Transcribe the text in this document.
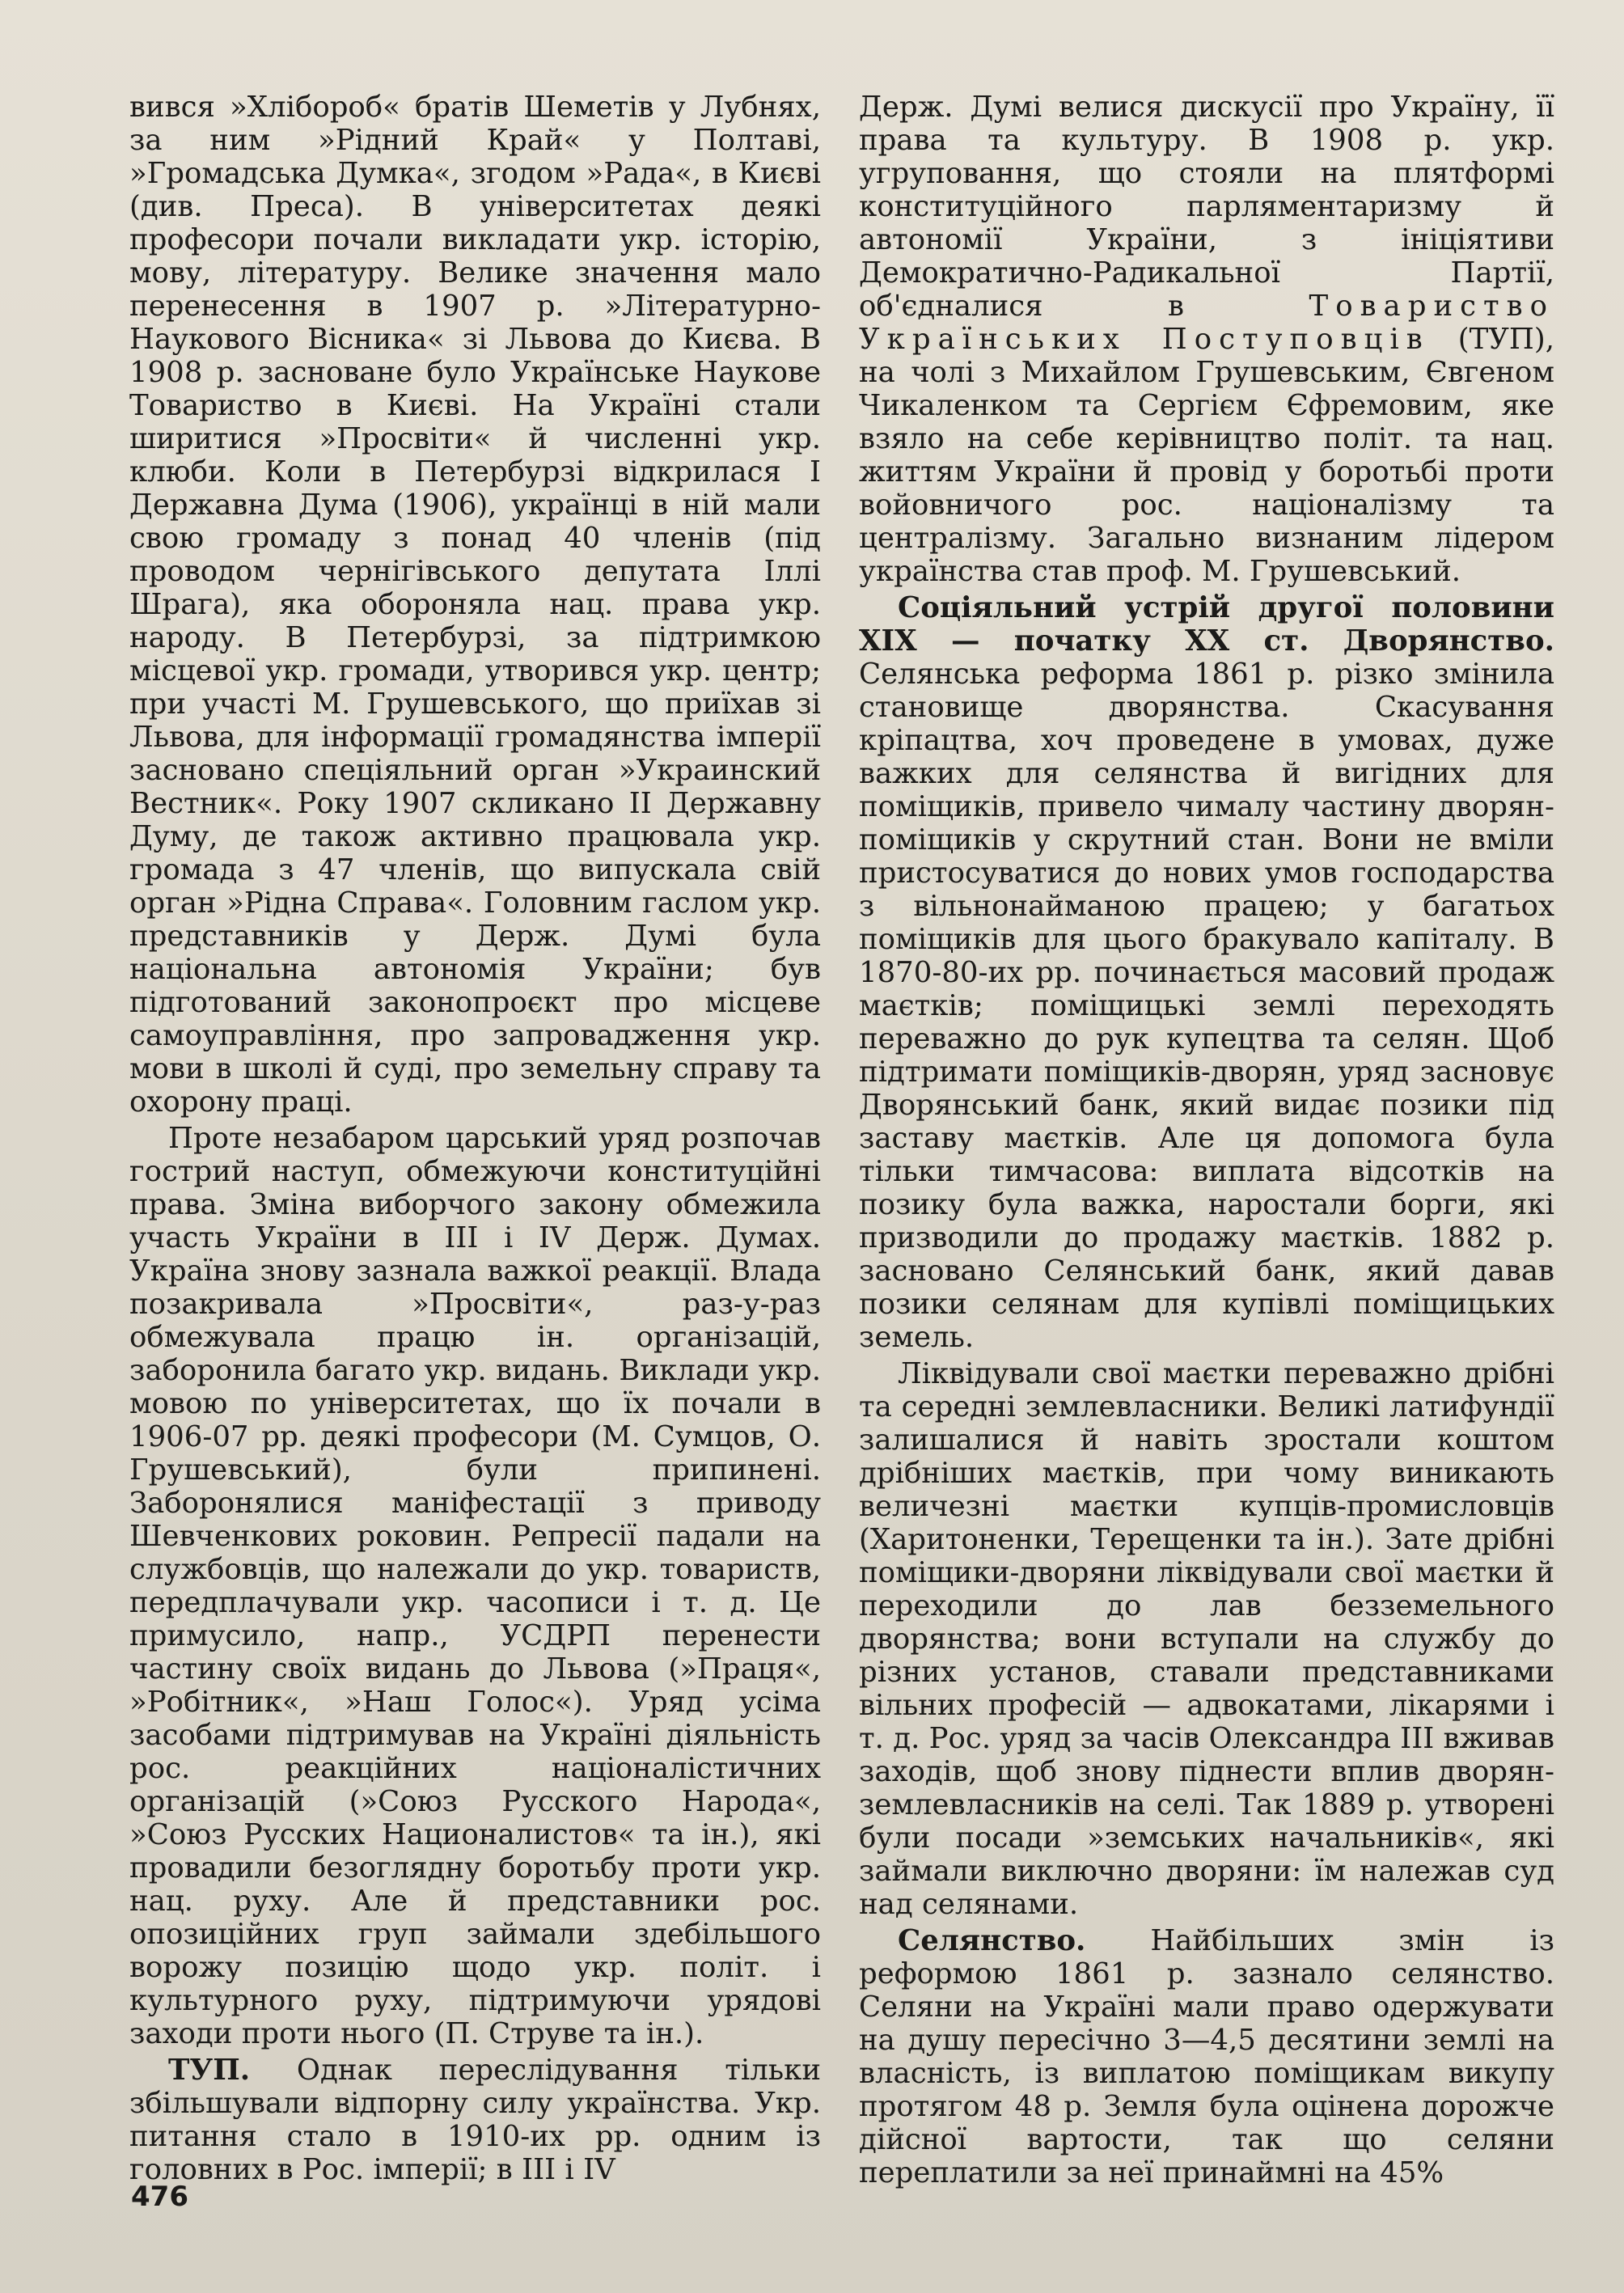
вився »Хлібороб« братів Шеметів у Лубнях, за ним »Рідний Край« у Полтаві, »Громадська Думка«, згодом »Рада«, в Києві (див. Преса). В університетах деякі професори почали викладати укр. історію, мову, літературу. Велике значення мало перенесення в 1907 р. »Літературно-Наукового Вісника« зі Львова до Києва. В 1908 р. засноване було Українське Наукове Товариство в Києві. На Україні стали ширитися »Просвіти« й численні укр. клюби. Коли в Петербурзі відкрилася І Державна Дума (1906), українці в ній мали свою громаду з понад 40 членів (під проводом чернігівського депутата Іллі Шрага), яка обороняла нац. права укр. народу. В Петербурзі, за підтримкою місцевої укр. громади, утворився укр. центр; при участі М. Грушевського, що приїхав зі Львова, для інформації громадянства імперії засновано спеціяльний орган »Украинский Вестник«. Року 1907 скликано II Державну Думу, де також активно працювала укр. громада з 47 членів, що випускала свій орган »Рідна Справа«. Головним гаслом укр. представників у Держ. Думі була національна автономія України; був підготований законопроєкт про місцеве самоуправління, про запровадження укр. мови в школі й суді, про земельну справу та охорону праці.

Проте незабаром царський уряд розпочав гострий наступ, обмежуючи конституційні права. Зміна виборчого закону обмежила участь України в III і IV Держ. Думах. Україна знову зазнала важкої реакції. Влада позакривала »Просвіти«, раз-у-раз обмежувала працю ін. організацій, заборонила багато укр. видань. Виклади укр. мовою по університетах, що їх почали в 1906-07 рр. деякі професори (М. Сумцов, О. Грушевський), були припинені. Заборонялися маніфестації з приводу Шевченкових роковин. Репресії падали на службовців, що належали до укр. товариств, передплачували укр. часописи і т. д. Це примусило, напр., УСДРП перенести частину своїх видань до Львова (»Праця«, »Робітник«, »Наш Голос«). Уряд усіма засобами підтримував на Україні діяльність рос. реакційних націоналістичних організацій (»Союз Русского Народа«, »Союз Русских Националистов« та ін.), які провадили безоглядну боротьбу проти укр. нац. руху. Але й представники рос. опозиційних груп займали здебільшого ворожу позицію щодо укр. політ. і культурного руху, підтримуючи урядові заходи проти нього (П. Струве та ін.).

ТУП. Однак переслідування тільки збільшували відпорну силу українства. Укр. питання стало в 1910-их рр. одним із головних в Рос. імперії; в III і IV

Держ. Думі велися дискусії про Україну, її права та культуру. В 1908 р. укр. угруповання, що стояли на плятформі конституційного парляментаризму й автономії України, з ініціятиви Демократично-Радикальної Партії, об'єдналися в	Товариство Українських Поступовців (ТУП), на чолі з Михайлом Грушевським, Євгеном Чикаленком та Сергієм Єфремовим, яке взяло на себе керівництво політ. та нац. життям України й провід у боротьбі проти войовничого рос. націоналізму та централізму. Загально визнаним лідером українства став проф. М. Грушевський.

Соціяльний устрій другої половини XIX — початку XX ст. Дворянство. Селянська реформа 1861 р. різко змінила становище дворянства. Скасування кріпацтва, хоч проведене в умовах, дуже важких для селянства й вигідних для поміщиків, привело чималу частину дворян-поміщиків у скрутний стан. Вони не вміли пристосуватися до нових умов господарства з вільнонайманою працею; у багатьох поміщиків для цього бракувало капіталу. В 1870-80-их рр. починається масовий продаж маєтків; поміщицькі землі переходять переважно до рук купецтва та селян. Щоб підтримати поміщиків-дворян, уряд засновує Дворянський банк, який видає позики під заставу маєтків. Але ця допомога була тільки тимчасова: виплата відсотків на позику була важка, наростали борги, які призводили до продажу маєтків. 1882 р. засновано Селянський банк, який давав позики селянам для купівлі поміщицьких земель.

Ліквідували свої маєтки переважно дрібні та середні землевласники. Великі латифундії залишалися й навіть зростали коштом дрібніших маєтків, при чому виникають величезні маєтки купців-промисловців (Харитоненки, Терещенки та ін.). Зате дрібні поміщики-дворяни ліквідували свої маєтки й переходили до лав безземельного дворянства; вони вступали на службу до різних установ, ставали представниками вільних професій — адвокатами, лікарями і т. д. Рос. уряд за часів Олександра III вживав заходів, щоб знову піднести вплив дворян-землевласників на селі. Так 1889 р. утворені були посади »земських начальників«, які займали виключно дворяни: їм належав суд над селянами.

Селянство. Найбільших змін із реформою 1861 р. зазнало селянство. Селяни на Україні мали право одержувати на душу пересічно 3—4,5 десятини землі на власність, із виплатою поміщикам викупу протягом 48 р. Земля була оцінена дорожче дійсної вартости, так що селяни переплатили за неї принаймні на 45%

476
